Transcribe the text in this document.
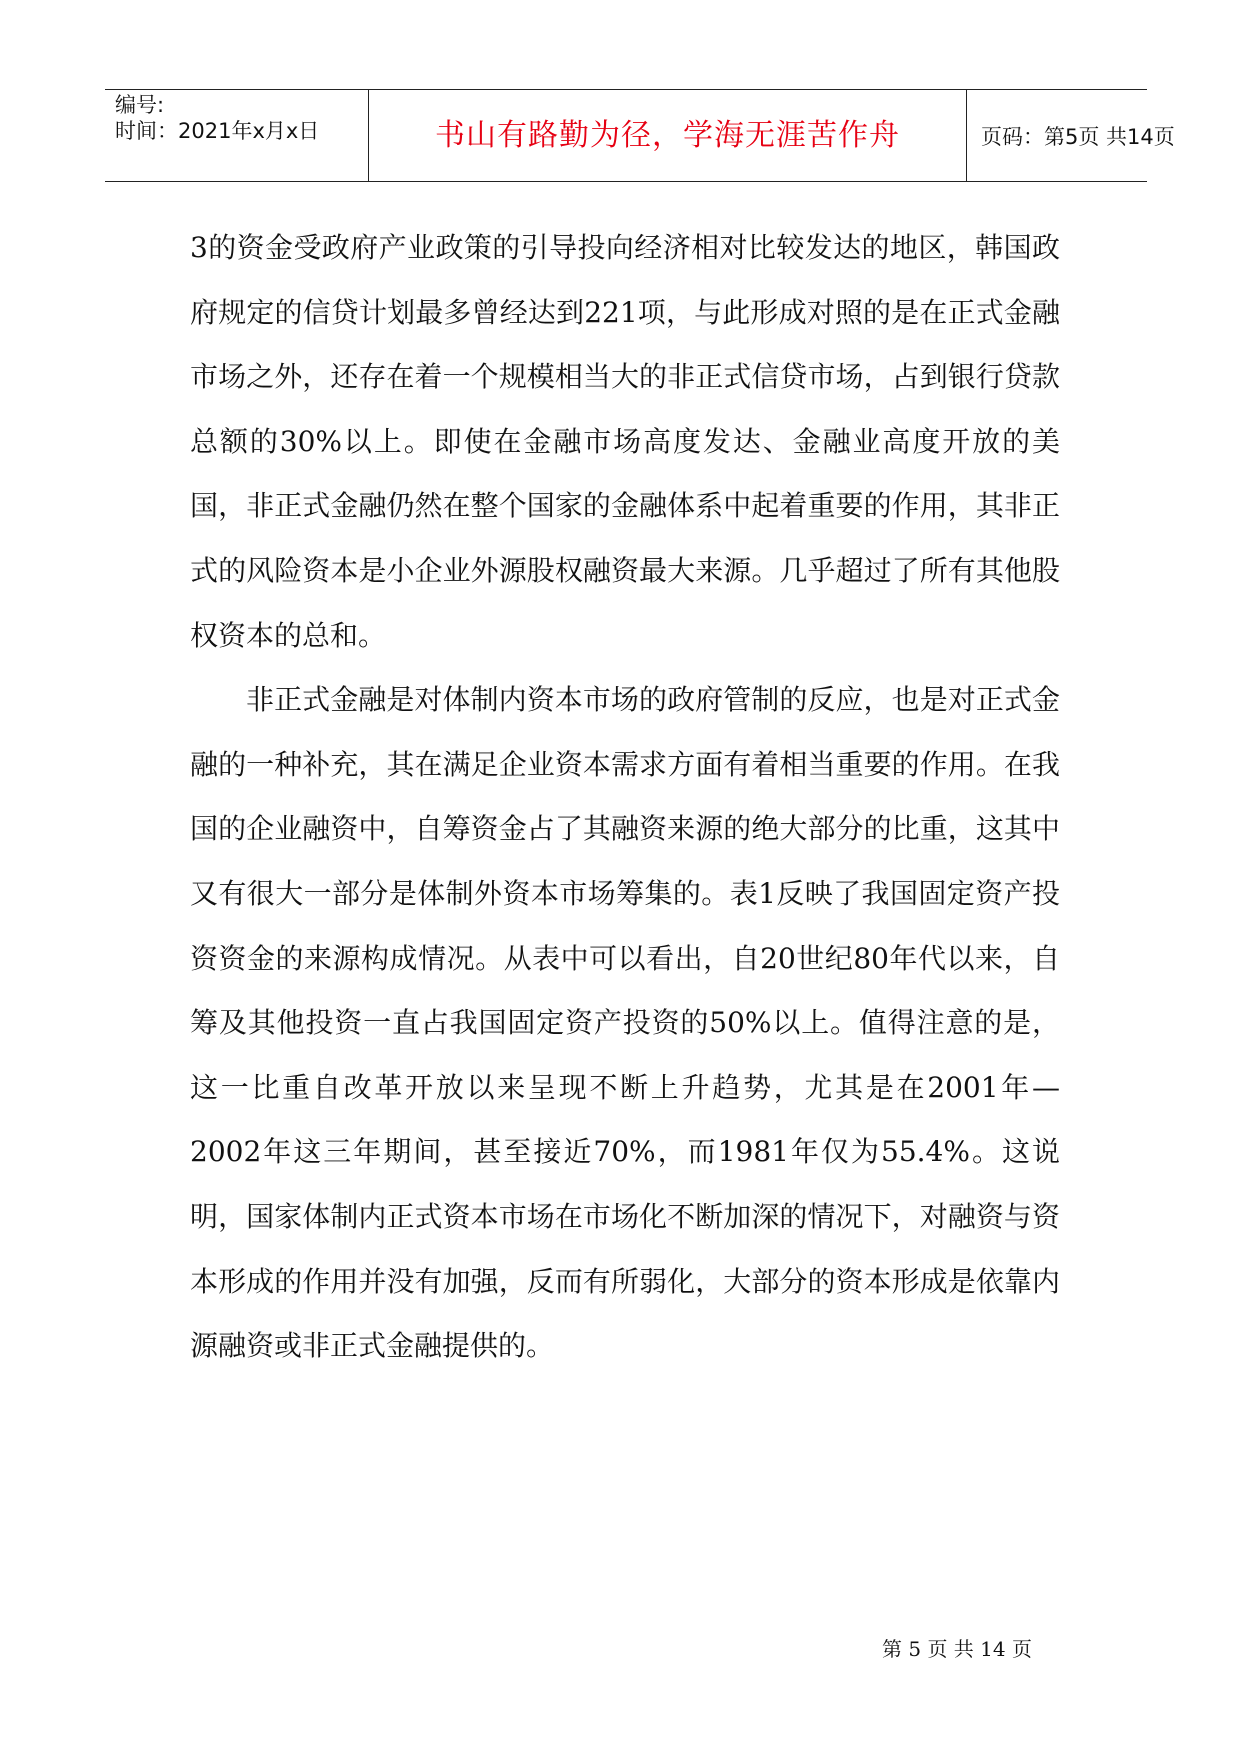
编号:
时间：2021年x月x日	书山有路勤为径，学海无涯苦作舟	页码：第5页 共14页

3的资金受政府产业政策的引导投向经济相对比较发达的地区，韩国政府规定的信贷计划最多曾经达到221项，与此形成对照的是在正式金融市场之外，还存在着一个规模相当大的非正式信贷市场，占到银行贷款总额的30%以上。即使在金融市场高度发达、金融业高度开放的美国，非正式金融仍然在整个国家的金融体系中起着重要的作用，其非正式的风险资本是小企业外源股权融资最大来源。几乎超过了所有其他股权资本的总和。

非正式金融是对体制内资本市场的政府管制的反应，也是对正式金融的一种补充，其在满足企业资本需求方面有着相当重要的作用。在我国的企业融资中，自筹资金占了其融资来源的绝大部分的比重，这其中又有很大一部分是体制外资本市场筹集的。表1反映了我国固定资产投资资金的来源构成情况。从表中可以看出，自20世纪80年代以来，自筹及其他投资一直占我国固定资产投资的50%以上。值得注意的是，这一比重自改革开放以来呈现不断上升趋势，尤其是在2001年—2002年这三年期间，甚至接近70%，而1981年仅为55.4%。这说明，国家体制内正式资本市场在市场化不断加深的情况下，对融资与资本形成的作用并没有加强，反而有所弱化，大部分的资本形成是依靠内源融资或非正式金融提供的。

第 5 页 共 14 页
